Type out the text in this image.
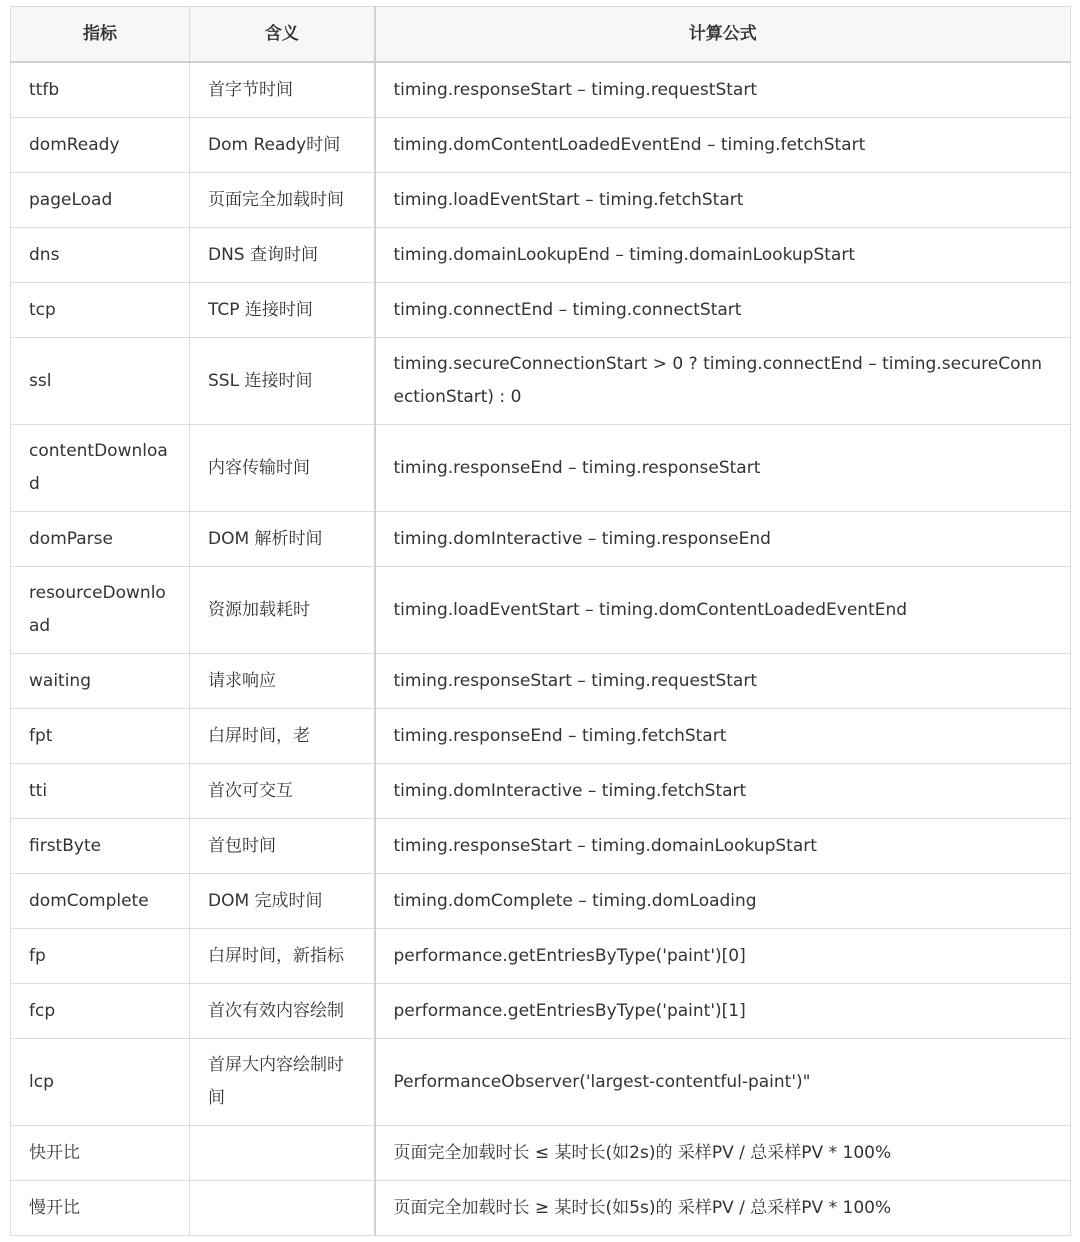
指标	含义	计算公式
ttfb	首字节时间	timing.responseStart – timing.requestStart
domReady	Dom Ready时间	timing.domContentLoadedEventEnd – timing.fetchStart
pageLoad	页面完全加载时间	timing.loadEventStart – timing.fetchStart
dns	DNS 查询时间	timing.domainLookupEnd – timing.domainLookupStart
tcp	TCP 连接时间	timing.connectEnd – timing.connectStart
ssl	SSL 连接时间	timing.secureConnectionStart > 0 ? timing.connectEnd – timing.secureConnectionStart) : 0
contentDownload	内容传输时间	timing.responseEnd – timing.responseStart
domParse	DOM 解析时间	timing.domInteractive – timing.responseEnd
resourceDownload	资源加载耗时	timing.loadEventStart – timing.domContentLoadedEventEnd
waiting	请求响应	timing.responseStart – timing.requestStart
fpt	白屏时间，老	timing.responseEnd – timing.fetchStart
tti	首次可交互	timing.domInteractive – timing.fetchStart
firstByte	首包时间	timing.responseStart – timing.domainLookupStart
domComplete	DOM 完成时间	timing.domComplete – timing.domLoading
fp	白屏时间，新指标	performance.getEntriesByType('paint')[0]
fcp	首次有效内容绘制	performance.getEntriesByType('paint')[1]
lcp	首屏大内容绘制时间	PerformanceObserver('largest-contentful-paint')"
快开比		页面完全加载时长 ≤ 某时长(如2s)的 采样PV / 总采样PV * 100%
慢开比		页面完全加载时长 ≥ 某时长(如5s)的 采样PV / 总采样PV * 100%
